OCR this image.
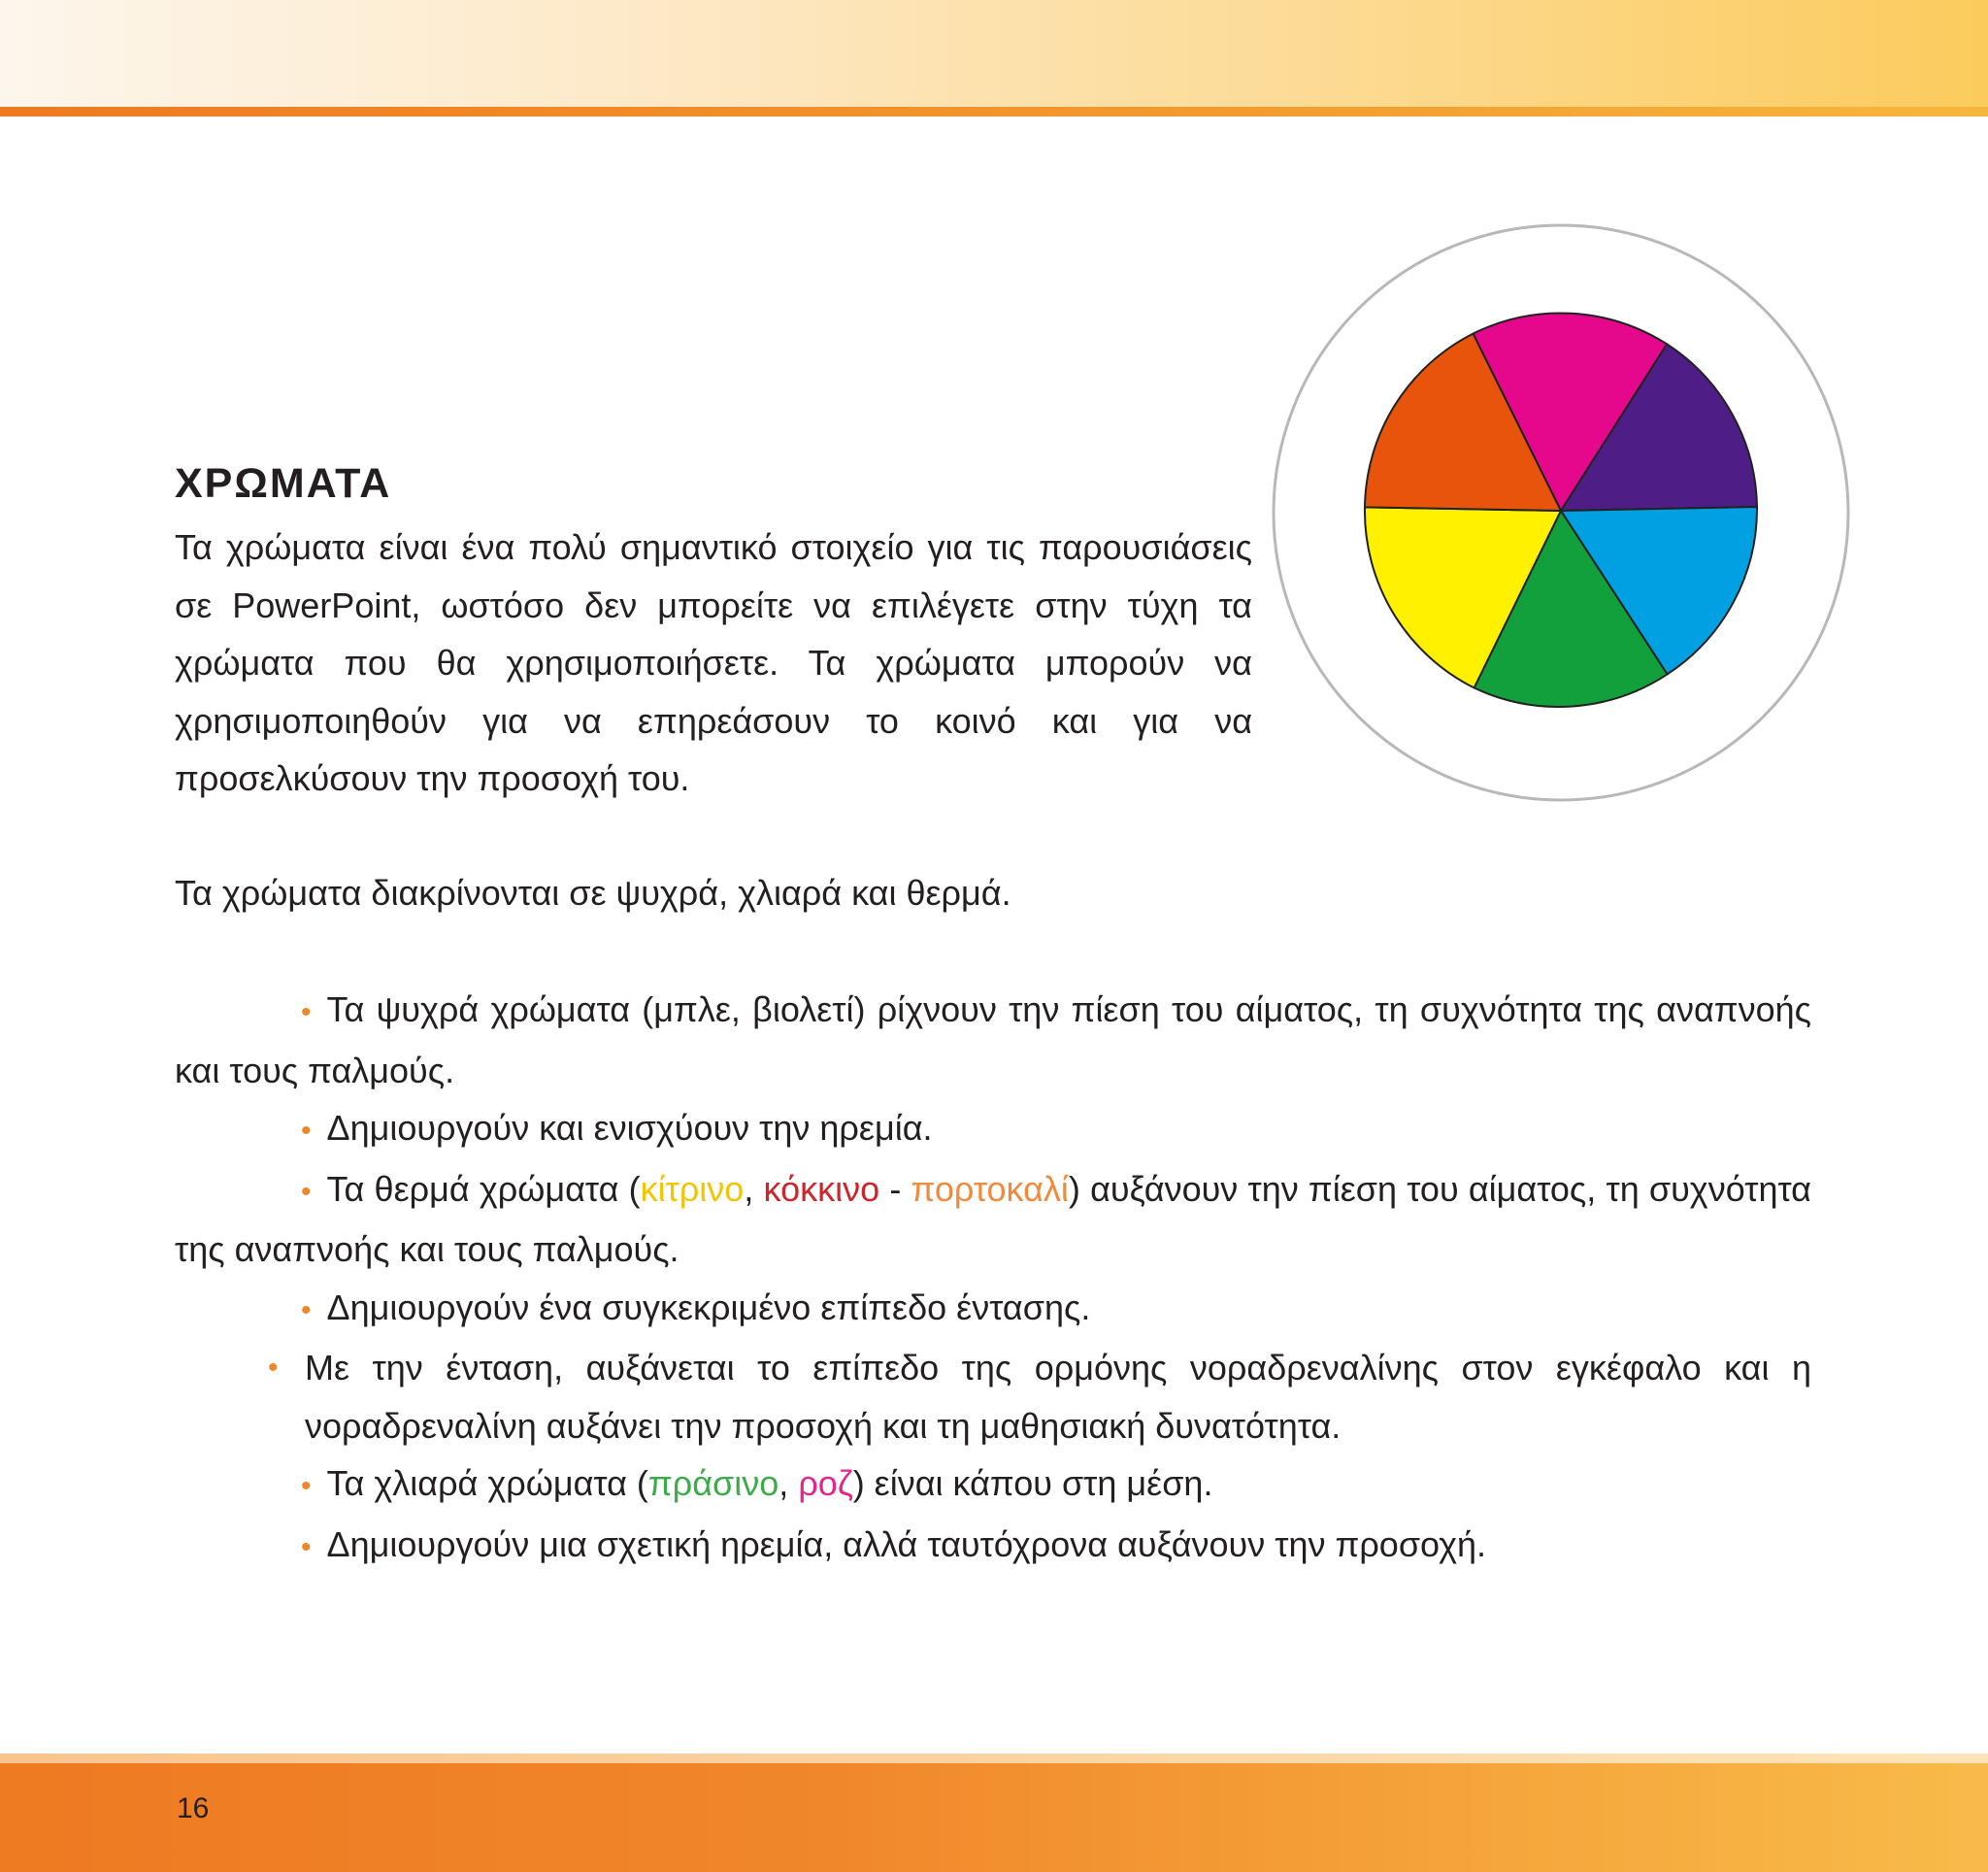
ΧΡΩΜΑΤΑ

Τα χρώματα είναι ένα πολύ σημαντικό στοιχείο για τις παρουσιάσεις σε PowerPoint, ωστόσο δεν μπορείτε να επιλέγετε στην τύχη τα χρώματα που θα χρησιμοποιήσετε. Τα χρώματα μπορούν να χρησιμοποιηθούν για να επηρεάσουν το κοινό και για να προσελκύσουν την προσοχή του.

Τα χρώματα διακρίνονται σε ψυχρά, χλιαρά και θερμά.

• Τα ψυχρά χρώματα (μπλε, βιολετί) ρίχνουν την πίεση του αίματος, τη συχνότητα της αναπνοής και τους παλμούς.

• Δημιουργούν και ενισχύουν την ηρεμία.

• Τα θερμά χρώματα (κίτρινο, κόκκινο - πορτοκαλί) αυξάνουν την πίεση του αίματος, τη συχνότητα της αναπνοής και τους παλμούς.

• Δημιουργούν ένα συγκεκριμένο επίπεδο έντασης.

• Με την ένταση, αυξάνεται το επίπεδο της ορμόνης νοραδρεναλίνης στον εγκέφαλο και η νοραδρεναλίνη αυξάνει την προσοχή και τη μαθησιακή δυνατότητα.

• Τα χλιαρά χρώματα (πράσινο, ροζ) είναι κάπου στη μέση.

• Δημιουργούν μια σχετική ηρεμία, αλλά ταυτόχρονα αυξάνουν την προσοχή.

16
